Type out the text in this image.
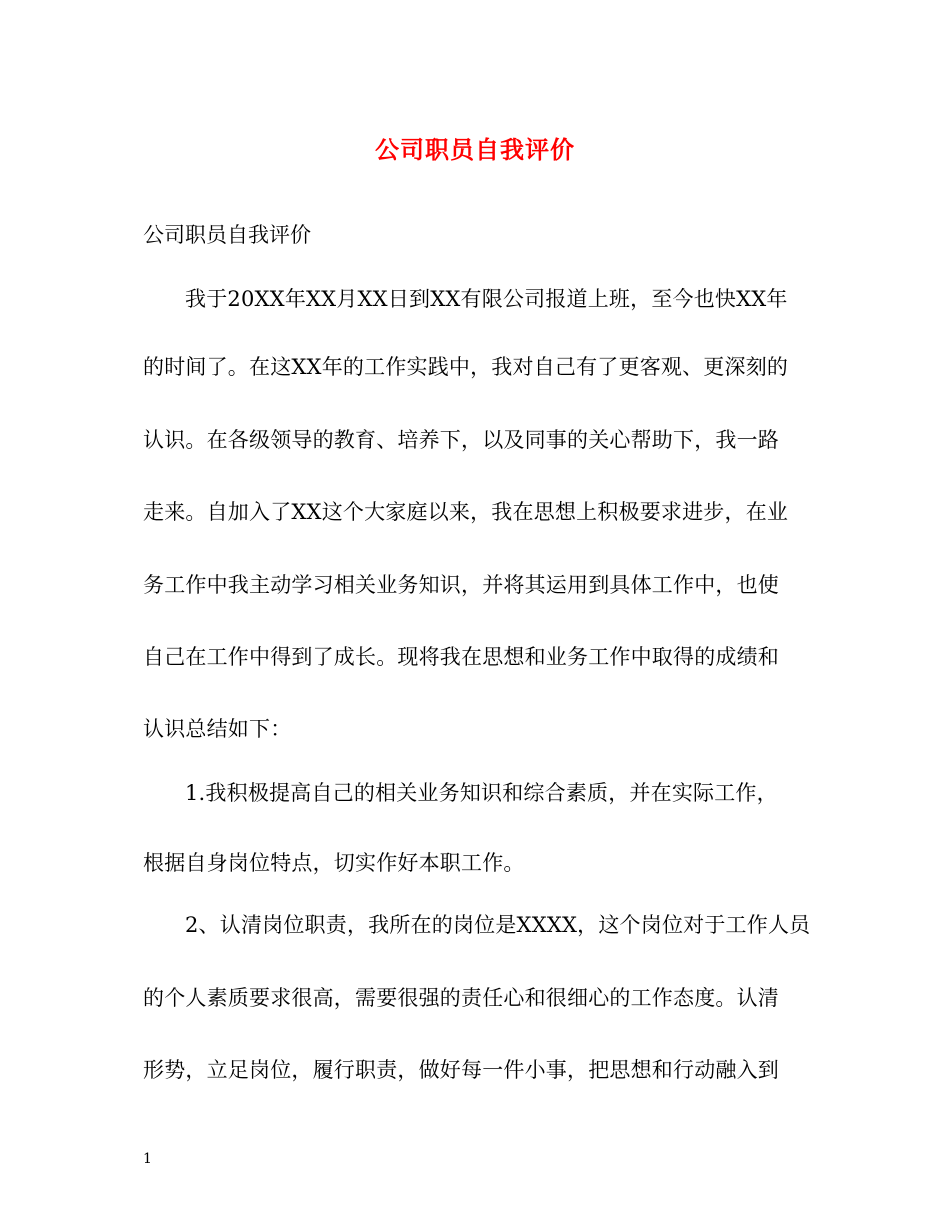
公司职员自我评价
公司职员自我评价
我于20XX年XX月XX日到XX有限公司报道上班，至今也快XX年
的时间了。在这XX年的工作实践中，我对自己有了更客观、更深刻的
认识。在各级领导的教育、培养下，以及同事的关心帮助下，我一路
走来。自加入了XX这个大家庭以来，我在思想上积极要求进步，在业
务工作中我主动学习相关业务知识，并将其运用到具体工作中，也使
自己在工作中得到了成长。现将我在思想和业务工作中取得的成绩和
认识总结如下：
1.我积极提高自己的相关业务知识和综合素质，并在实际工作，
根据自身岗位特点，切实作好本职工作。
2、认清岗位职责，我所在的岗位是XXXX，这个岗位对于工作人员
的个人素质要求很高，需要很强的责任心和很细心的工作态度。认清
形势，立足岗位，履行职责，做好每一件小事，把思想和行动融入到
1
